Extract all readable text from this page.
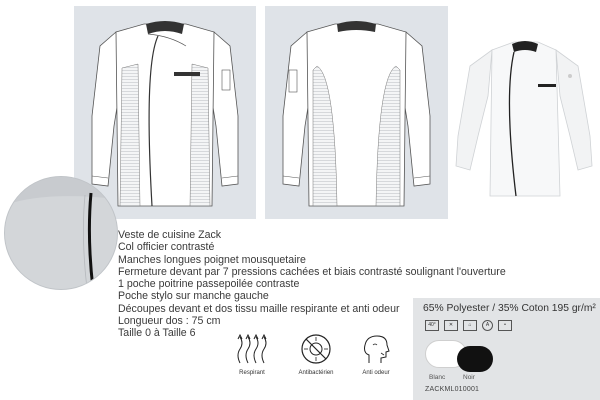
Veste de cuisine Zack
Col officier contrasté
Manches longues poignet mousquetaire
Fermeture devant par 7 pressions cachées et biais contrasté soulignant l'ouverture
1 poche poitrine passepoilée contraste
Poche stylo sur manche gauche
Découpes devant et dos tissu maille respirante et anti odeur
Longueur dos : 75 cm
Taille 0 à Taille 6
Respirant	Antibactérien	Anti odeur
65% Polyester / 35% Coton 195 gr/m²
40°	✕	⌂	A	•
Blanc	Noir
ZACKML010001
